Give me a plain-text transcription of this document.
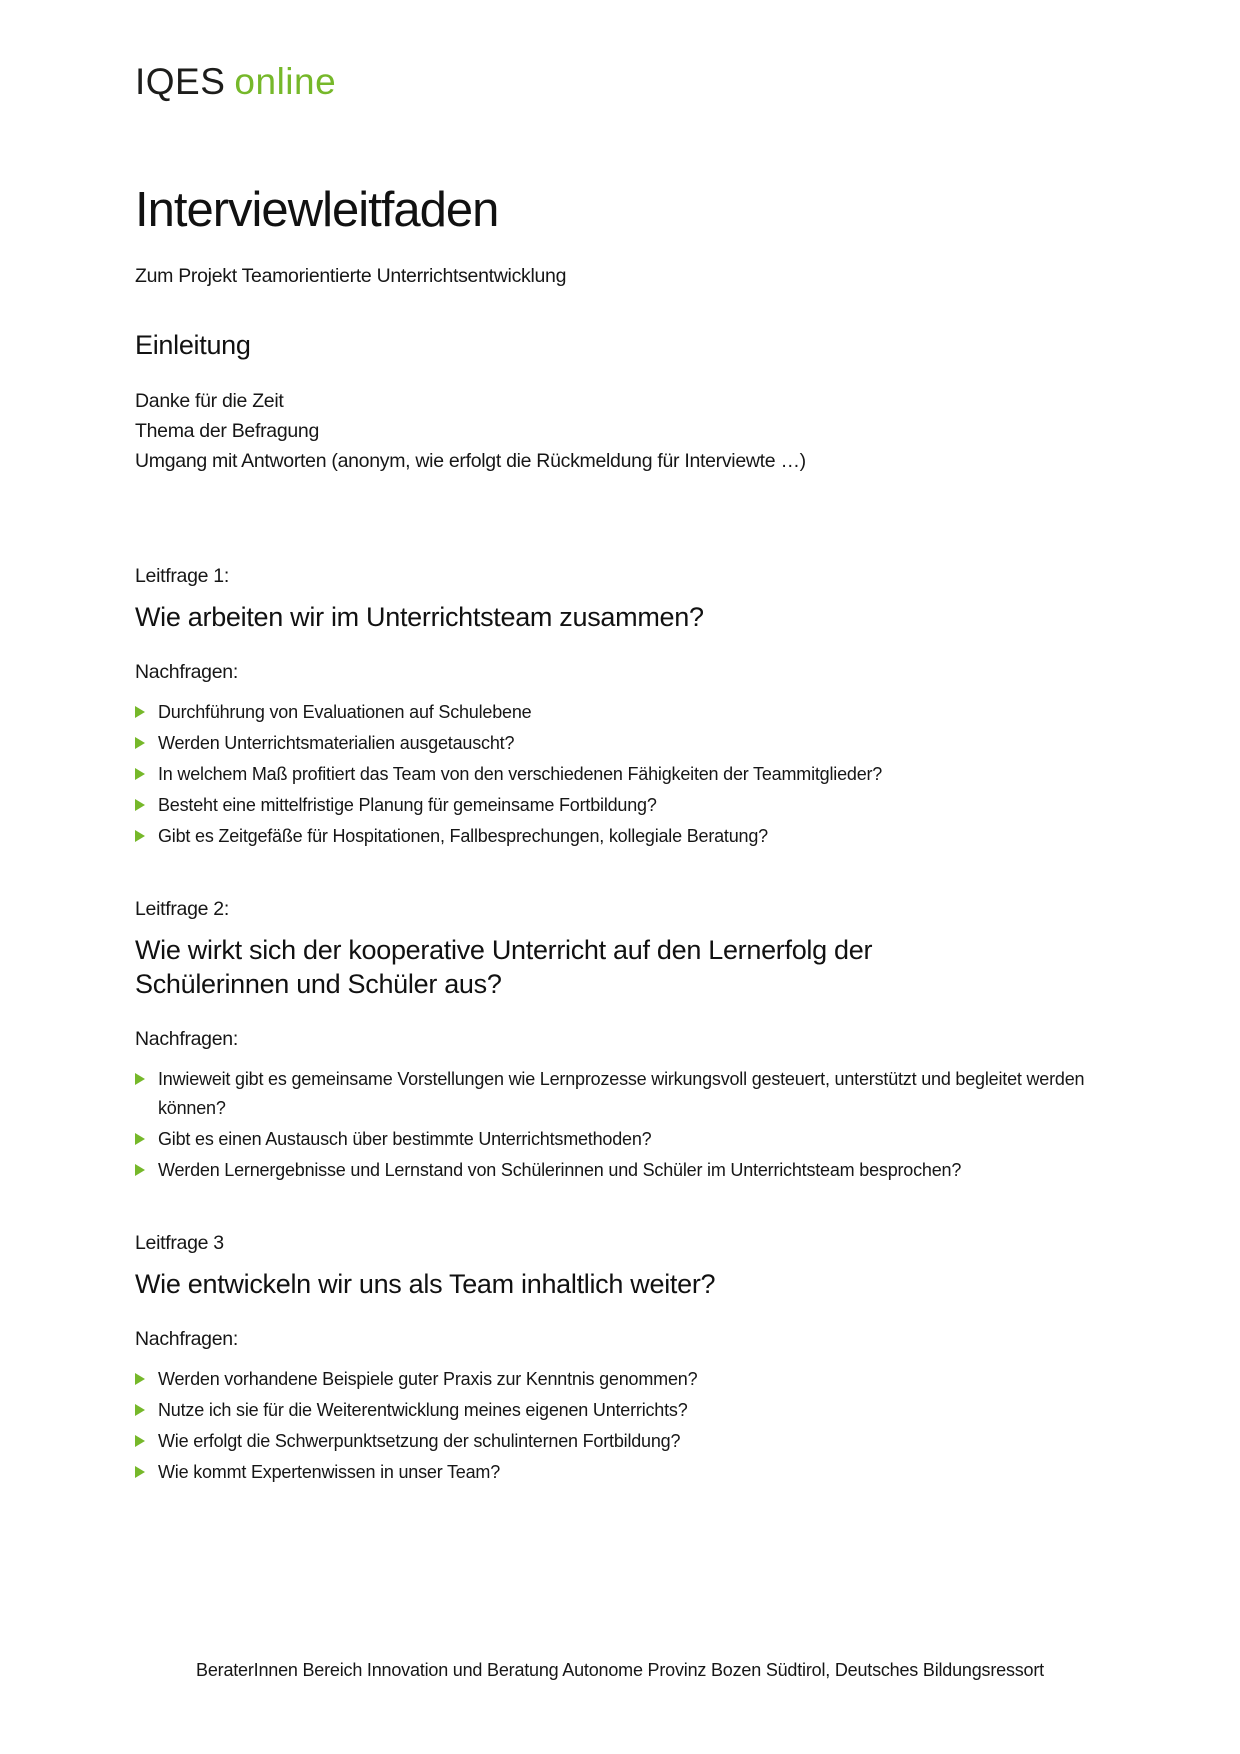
IQES online
Interviewleitfaden

Zum Projekt Teamorientierte Unterrichtsentwicklung

Einleitung

Danke für die Zeit

Thema der Befragung

Umgang mit Antworten (anonym, wie erfolgt die Rückmeldung für Interviewte …)

Leitfrage 1:

Wie arbeiten wir im Unterrichtsteam zusammen?

Nachfragen:

Durchführung von Evaluationen auf Schulebene
Werden Unterrichtsmaterialien ausgetauscht?
In welchem Maß profitiert das Team von den verschiedenen Fähigkeiten der Teammitglieder?
Besteht eine mittelfristige Planung für gemeinsame Fortbildung?
Gibt es Zeitgefäße für Hospitationen, Fallbesprechungen, kollegiale Beratung?

Leitfrage 2:

Wie wirkt sich der kooperative Unterricht auf den Lernerfolg der Schülerinnen und Schüler aus?

Nachfragen:

Inwieweit gibt es gemeinsame Vorstellungen wie Lernprozesse wirkungsvoll gesteuert, unterstützt und begleitet werden können?
Gibt es einen Austausch über bestimmte Unterrichtsmethoden?
Werden Lernergebnisse und Lernstand von Schülerinnen und Schüler im Unterrichtsteam besprochen?

Leitfrage 3

Wie entwickeln wir uns als Team inhaltlich weiter?

Nachfragen:

Werden vorhandene Beispiele guter Praxis zur Kenntnis genommen?
Nutze ich sie für die Weiterentwicklung meines eigenen Unterrichts?
Wie erfolgt die Schwerpunktsetzung der schulinternen Fortbildung?
Wie kommt Expertenwissen in unser Team?
BeraterInnen Bereich Innovation und Beratung Autonome Provinz Bozen Südtirol, Deutsches Bildungsressort
